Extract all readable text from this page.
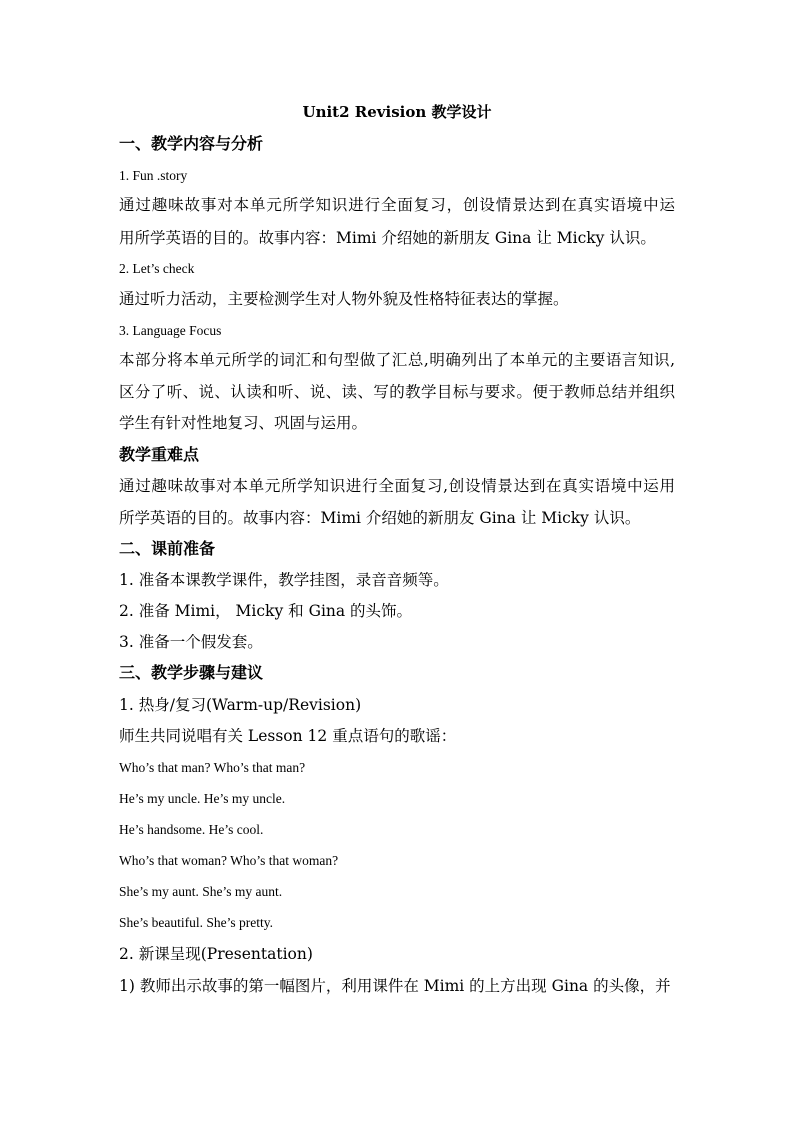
Unit2 Revision 教学设计
一、教学内容与分析
1. Fun .story
通过趣味故事对本单元所学知识进行全面复习，创设情景达到在真实语境中运
用所学英语的目的。故事内容：Mimi 介绍她的新朋友 Gina 让 Micky 认识。
2. Let’s check
通过听力活动，主要检测学生对人物外貌及性格特征表达的掌握。
3. Language Focus
本部分将本单元所学的词汇和句型做了汇总,明确列出了本单元的主要语言知识,
区分了听、说、认读和听、说、读、写的教学目标与要求。便于教师总结并组织
学生有针对性地复习、巩固与运用。
教学重难点
通过趣味故事对本单元所学知识进行全面复习,创设情景达到在真实语境中运用
所学英语的目的。故事内容：Mimi 介绍她的新朋友 Gina 让 Micky 认识。
二、课前准备
1. 准备本课教学课件，教学挂图，录音音频等。
2. 准备 Mimi， Micky 和 Gina 的头饰。
3. 准备一个假发套。
三、教学步骤与建议
1. 热身/复习(Warm-up/Revision)
师生共同说唱有关 Lesson 12 重点语句的歌谣：
Who’s that man? Who’s that man?
He’s my uncle. He’s my uncle.
He’s handsome. He’s cool.
Who’s that woman? Who’s that woman?
She’s my aunt. She’s my aunt.
She’s beautiful. She’s pretty.
2. 新课呈现(Presentation)
1) 教师出示故事的第一幅图片，利用课件在 Mimi 的上方出现 Gina 的头像，并
